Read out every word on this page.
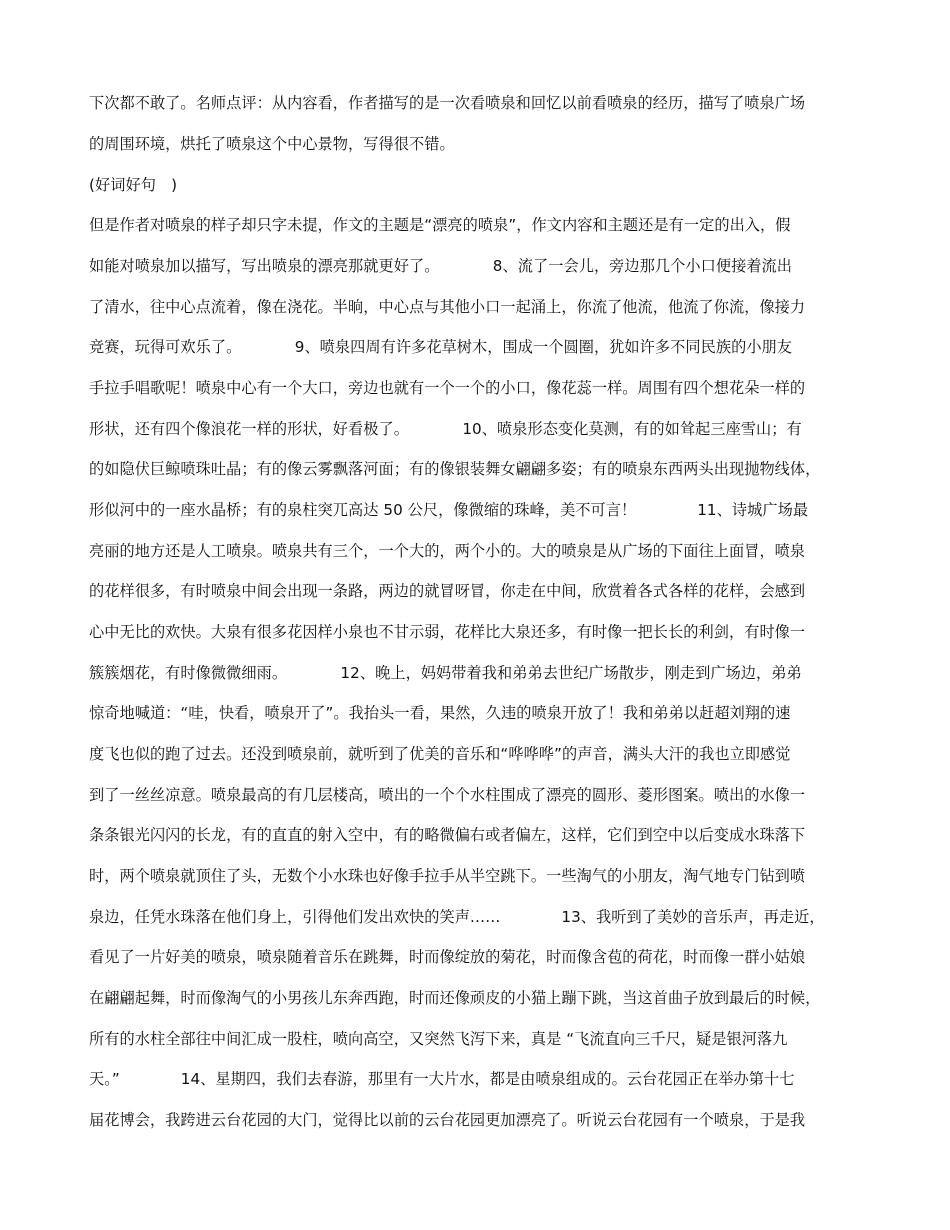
下次都不敢了。名师点评：从内容看，作者描写的是一次看喷泉和回忆以前看喷泉的经历，描写了喷泉广场
的周围环境，烘托了喷泉这个中心景物，写得很不错。
(好词好句　)
但是作者对喷泉的样子却只字未提，作文的主题是“漂亮的喷泉”，作文内容和主题还是有一定的出入，假
如能对喷泉加以描写，写出喷泉的漂亮那就更好了。　　　　8、流了一会儿，旁边那几个小口便接着流出
了清水，往中心点流着，像在浇花。半晌，中心点与其他小口一起涌上，你流了他流，他流了你流，像接力
竞赛，玩得可欢乐了。　　　　9、喷泉四周有许多花草树木，围成一个圆圈，犹如许多不同民族的小朋友
手拉手唱歌呢！喷泉中心有一个大口，旁边也就有一个一个的小口，像花蕊一样。周围有四个想花朵一样的
形状，还有四个像浪花一样的形状，好看极了。　　　　10、喷泉形态变化莫测，有的如耸起三座雪山；有
的如隐伏巨鲸喷珠吐晶；有的像云雾飘落河面；有的像银装舞女翩翩多姿；有的喷泉东西两头出现抛物线体，
形似河中的一座水晶桥；有的泉柱突兀高达 50 公尺，像微缩的珠峰，美不可言！　　　　11、诗城广场最
亮丽的地方还是人工喷泉。喷泉共有三个，一个大的，两个小的。大的喷泉是从广场的下面往上面冒，喷泉
的花样很多，有时喷泉中间会出现一条路，两边的就冒呀冒，你走在中间，欣赏着各式各样的花样，会感到
心中无比的欢快。大泉有很多花因样小泉也不甘示弱，花样比大泉还多，有时像一把长长的利剑，有时像一
簇簇烟花，有时像微微细雨。　　　　12、晚上，妈妈带着我和弟弟去世纪广场散步，刚走到广场边，弟弟
惊奇地喊道：“哇，快看，喷泉开了”。我抬头一看，果然，久违的喷泉开放了！我和弟弟以赶超刘翔的速
度飞也似的跑了过去。还没到喷泉前，就听到了优美的音乐和“哗哗哗”的声音，满头大汗的我也立即感觉
到了一丝丝凉意。喷泉最高的有几层楼高，喷出的一个个水柱围成了漂亮的圆形、菱形图案。喷出的水像一
条条银光闪闪的长龙，有的直直的射入空中，有的略微偏右或者偏左，这样，它们到空中以后变成水珠落下
时，两个喷泉就顶住了头，无数个小水珠也好像手拉手从半空跳下。一些淘气的小朋友，淘气地专门钻到喷
泉边，任凭水珠落在他们身上，引得他们发出欢快的笑声……　　　　13、我听到了美妙的音乐声，再走近，
看见了一片好美的喷泉，喷泉随着音乐在跳舞，时而像绽放的菊花，时而像含苞的荷花，时而像一群小姑娘
在翩翩起舞，时而像淘气的小男孩儿东奔西跑，时而还像顽皮的小猫上蹦下跳，当这首曲子放到最后的时候，
所有的水柱全部往中间汇成一股柱，喷向高空，又突然飞泻下来，真是 “飞流直向三千尺，疑是银河落九
天。”　　　　14、星期四，我们去春游，那里有一大片水，都是由喷泉组成的。云台花园正在举办第十七
届花博会，我跨进云台花园的大门，觉得比以前的云台花园更加漂亮了。听说云台花园有一个喷泉，于是我
